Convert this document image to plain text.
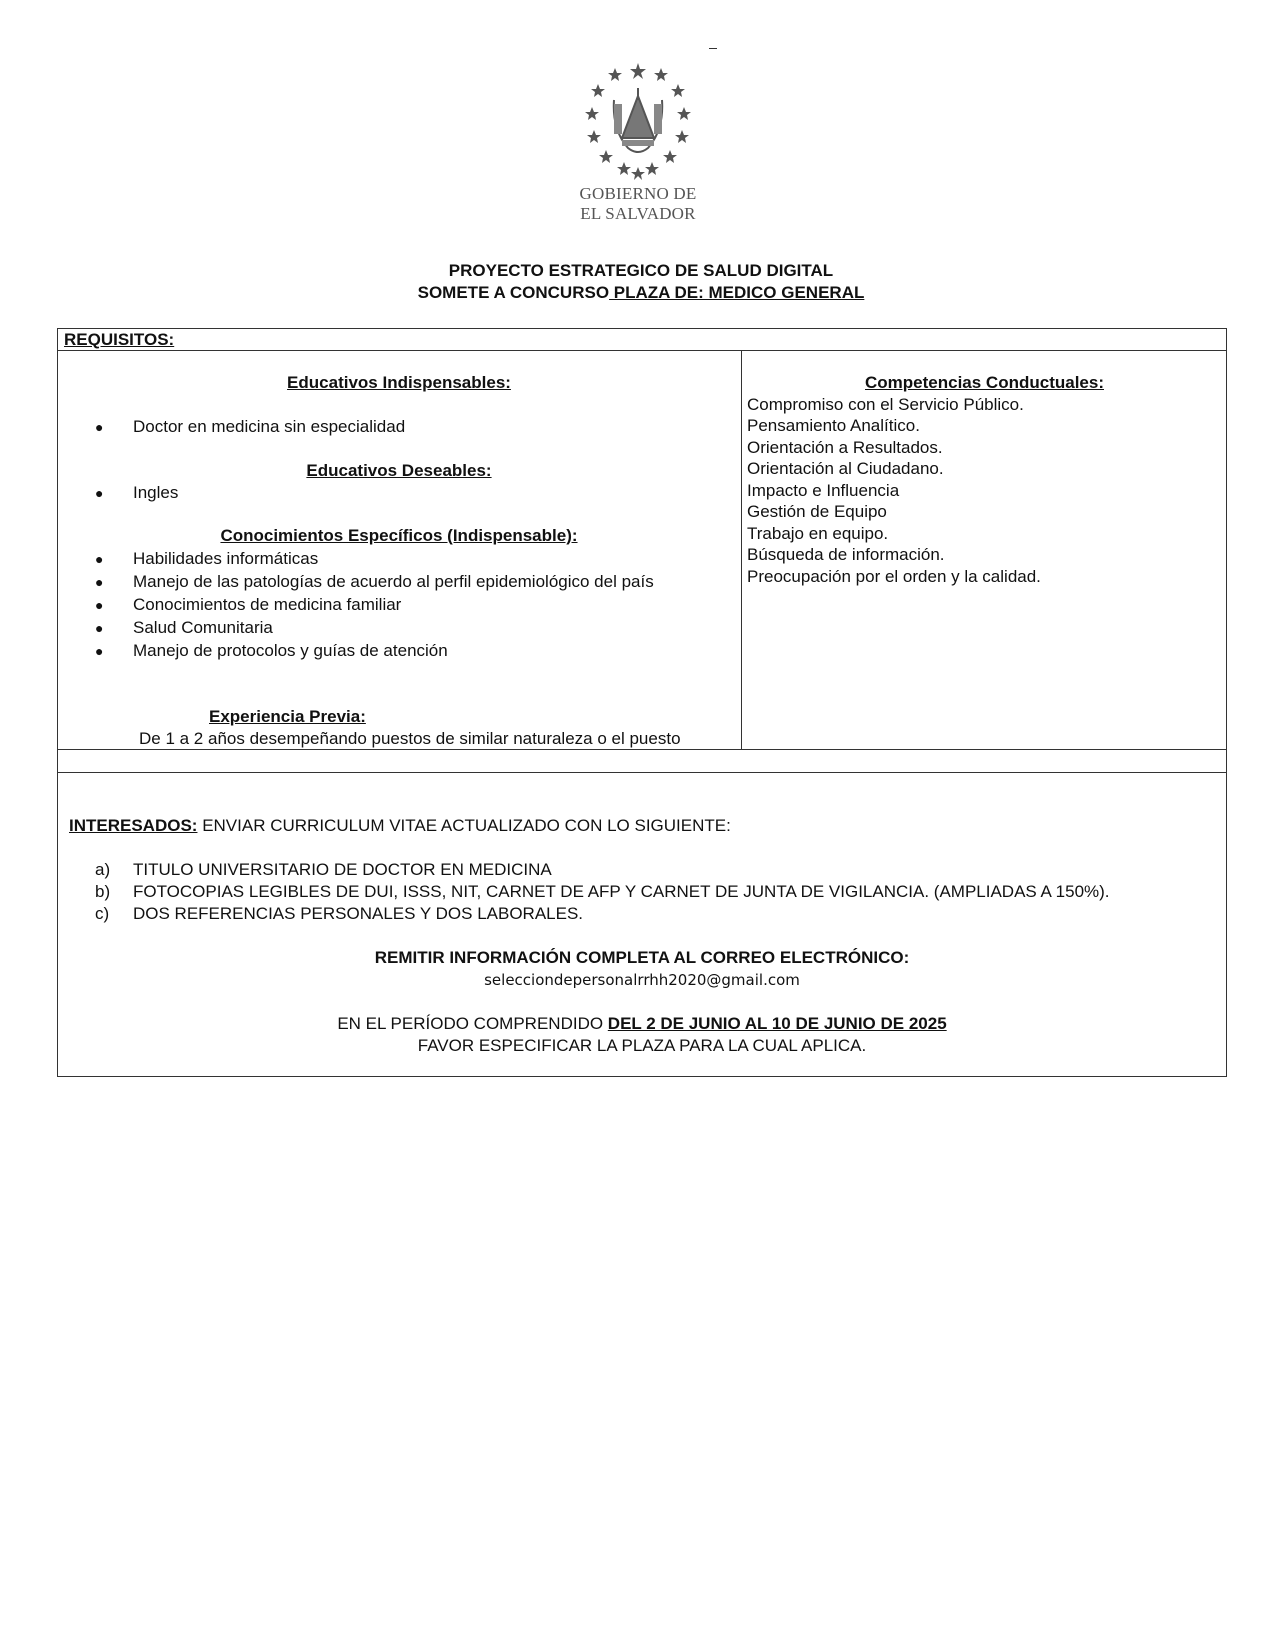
GOBIERNO DE
EL SALVADOR
PROYECTO ESTRATEGICO DE SALUD DIGITAL
SOMETE A CONCURSO PLAZA DE: MEDICO GENERAL
REQUISITOS:
Educativos Indispensables:
● Doctor en medicina sin especialidad
Educativos Deseables:
● Ingles
Conocimientos Específicos (Indispensable):
● Habilidades informáticas
● Manejo de las patologías de acuerdo al perfil epidemiológico del país
● Conocimientos de medicina familiar
● Salud Comunitaria
● Manejo de protocolos y guías de atención
Experiencia Previa:
De 1 a 2 años desempeñando puestos de similar naturaleza o el puesto
Competencias Conductuales:
Compromiso con el Servicio Público.
Pensamiento Analítico.
Orientación a Resultados.
Orientación al Ciudadano.
Impacto e Influencia
Gestión de Equipo
Trabajo en equipo.
Búsqueda de información.
Preocupación por el orden y la calidad.
INTERESADOS: ENVIAR CURRICULUM VITAE ACTUALIZADO CON LO SIGUIENTE:
a) TITULO UNIVERSITARIO DE DOCTOR EN MEDICINA
b) FOTOCOPIAS LEGIBLES DE DUI, ISSS, NIT, CARNET DE AFP Y CARNET DE JUNTA DE VIGILANCIA. (AMPLIADAS A 150%).
c) DOS REFERENCIAS PERSONALES Y DOS LABORALES.
REMITIR INFORMACIÓN COMPLETA AL CORREO ELECTRÓNICO:
selecciondepersonalrrhh2020@gmail.com
EN EL PERÍODO COMPRENDIDO DEL 2 DE JUNIO AL 10 DE JUNIO DE 2025
FAVOR ESPECIFICAR LA PLAZA PARA LA CUAL APLICA.
